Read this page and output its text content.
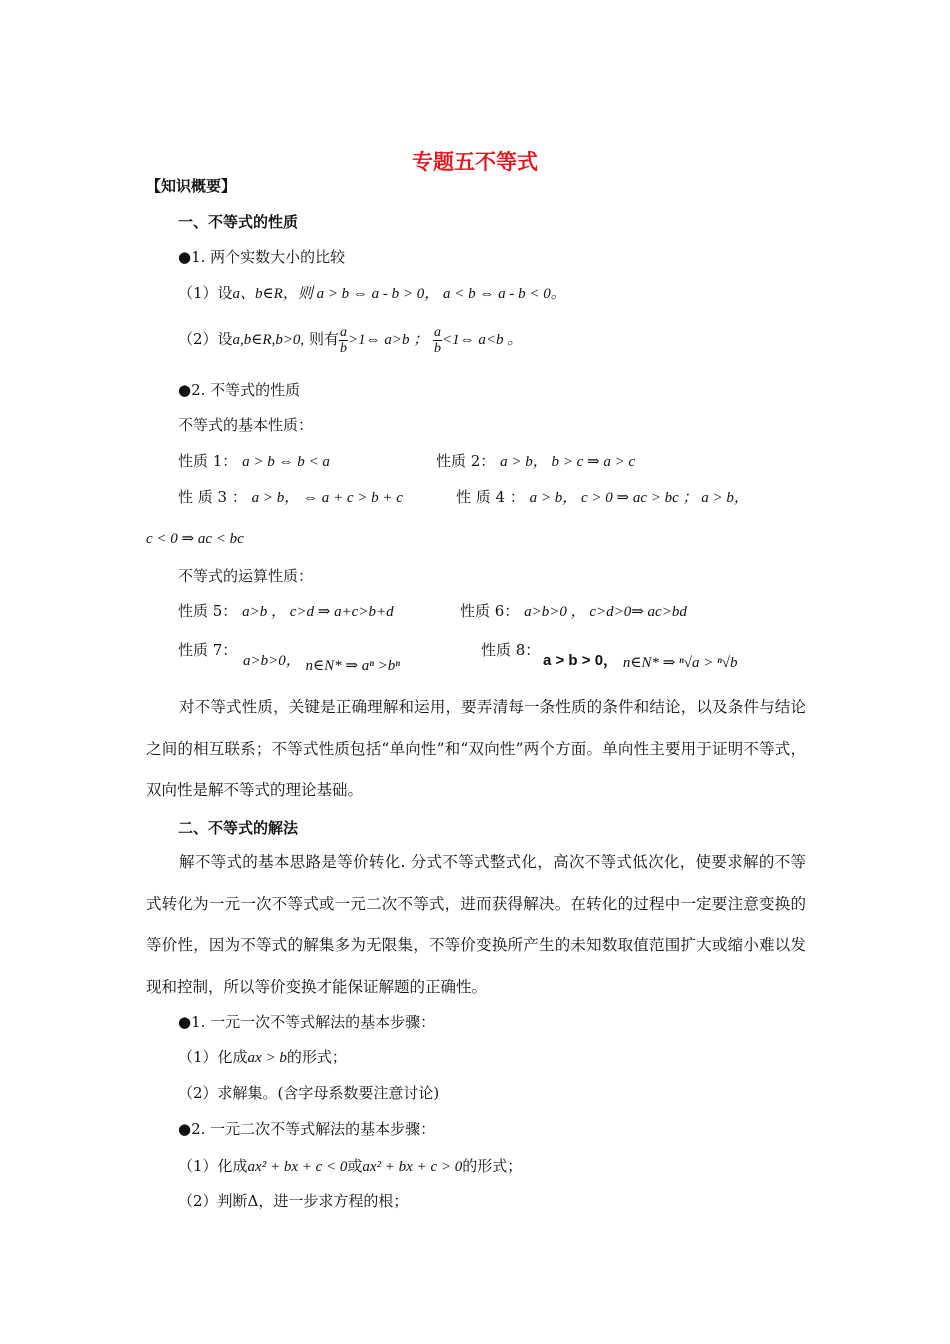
专题五不等式
【知识概要】
一、不等式的性质
●1. 两个实数大小的比较
（1）设a、b∈R，则 a > b ⇔ a - b > 0， a < b ⇔ a - b < 0。
（2）设a,b∈R,b>0, 则有 $\frac{a}{b}$ >1⇔ a>b ； $\frac{a}{b}$ <1⇔ a<b 。
●2. 不等式的性质
不等式的基本性质：
性质 1： a > b ⇔ b < a	性质 2： a > b， b > c ⇒ a > c
性 质 3 ： a > b， ⇔ a + c > b + c	性 质 4 ： a > b， c > 0 ⇒ ac > bc ； a > b，
c < 0 ⇒ ac < bc
不等式的运算性质：
性质 5： a>b ， c>d ⇒ a+c>b+d	性质 6： a>b>0 ， c>d>0⇒ ac>bd
性质 7：
a>b>0， n∈N* ⇒ aⁿ >bⁿ
性质 8：
a > b > 0， n∈N* ⇒ ⁿ√a > ⁿ√b
对不等式性质，关键是正确理解和运用，要弄清每一条性质的条件和结论，以及条件与结论之间的相互联系；不等式性质包括“单向性”和“双向性”两个方面。单向性主要用于证明不等式，双向性是解不等式的理论基础。
二、不等式的解法
解不等式的基本思路是等价转化. 分式不等式整式化，高次不等式低次化，使要求解的不等式转化为一元一次不等式或一元二次不等式，进而获得解决。在转化的过程中一定要注意变换的等价性，因为不等式的解集多为无限集，不等价变换所产生的未知数取值范围扩大或缩小难以发现和控制，所以等价变换才能保证解题的正确性。
●1. 一元一次不等式解法的基本步骤：
（1）化成ax > b的形式；
（2）求解集。(含字母系数要注意讨论)
●2. 一元二次不等式解法的基本步骤：
（1）化成ax² + bx + c < 0或ax² + bx + c > 0的形式；
（2）判断Δ，进一步求方程的根；
